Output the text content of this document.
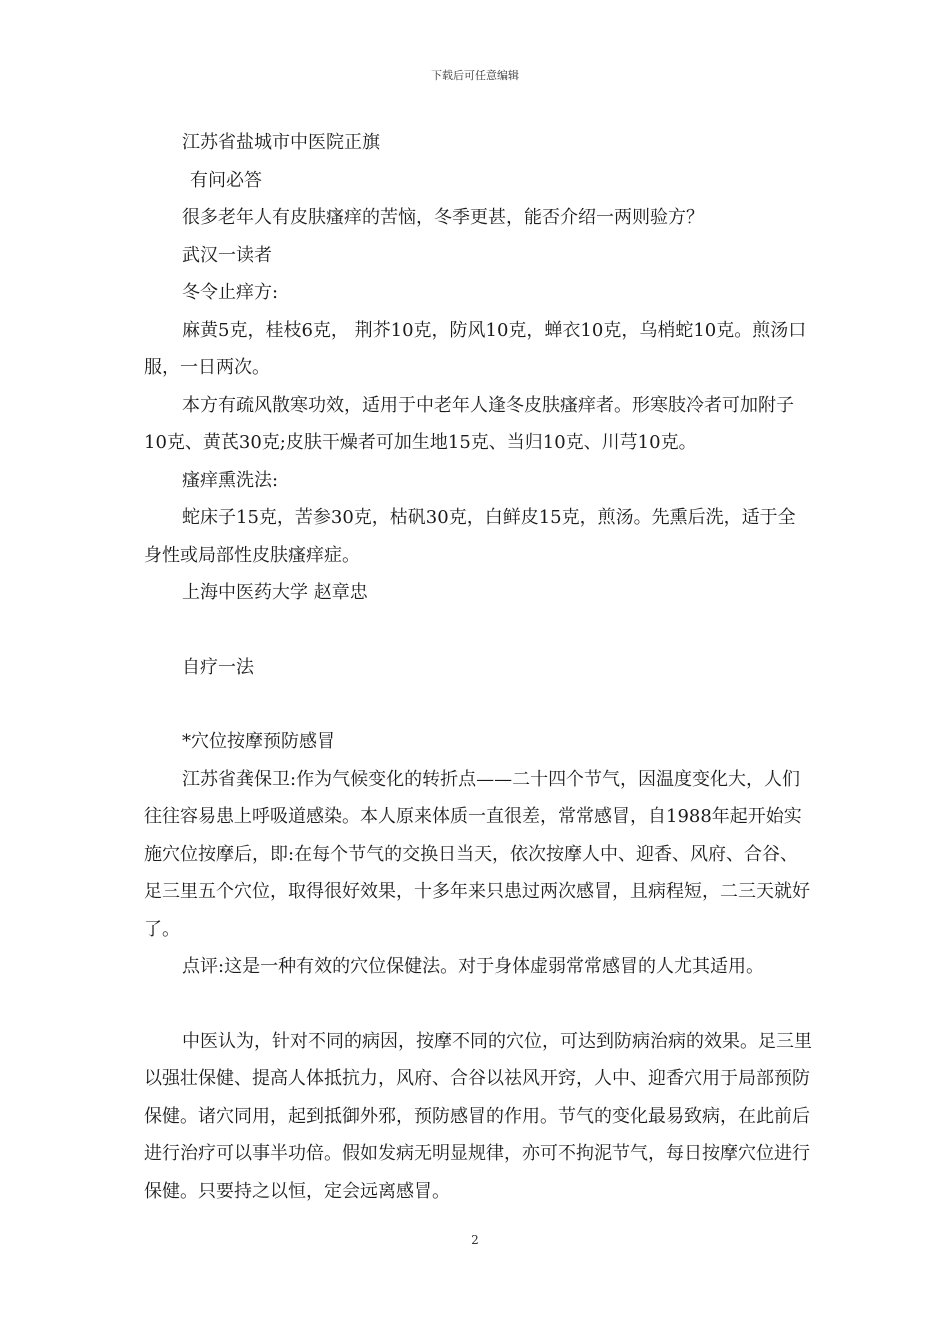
下载后可任意编辑

江苏省盐城市中医院正旗

有问必答

很多老年人有皮肤瘙痒的苦恼，冬季更甚，能否介绍一两则验方？

武汉一读者

冬令止痒方:

麻黄5克，桂枝6克， 荆芥10克，防风10克，蝉衣10克，乌梢蛇10克。煎汤口服，一日两次。

本方有疏风散寒功效，适用于中老年人逢冬皮肤瘙痒者。形寒肢冷者可加附子10克、黄芪30克;皮肤干燥者可加生地15克、当归10克、川芎10克。

瘙痒熏洗法:

蛇床子15克，苦参30克，枯矾30克，白鲜皮15克，煎汤。先熏后洗，适于全身性或局部性皮肤瘙痒症。

上海中医药大学 赵章忠

自疗一法

*穴位按摩预防感冒

江苏省龚保卫:作为气候变化的转折点——二十四个节气，因温度变化大，人们往往容易患上呼吸道感染。本人原来体质一直很差，常常感冒，自1988年起开始实施穴位按摩后，即:在每个节气的交换日当天，依次按摩人中、迎香、风府、合谷、足三里五个穴位，取得很好效果，十多年来只患过两次感冒，且病程短，二三天就好了。

点评:这是一种有效的穴位保健法。对于身体虚弱常常感冒的人尤其适用。

中医认为，针对不同的病因，按摩不同的穴位，可达到防病治病的效果。足三里以强壮保健、提高人体抵抗力，风府、合谷以祛风开窍，人中、迎香穴用于局部预防保健。诸穴同用，起到抵御外邪，预防感冒的作用。节气的变化最易致病，在此前后进行治疗可以事半功倍。假如发病无明显规律，亦可不拘泥节气，每日按摩穴位进行保健。只要持之以恒，定会远离感冒。

2
